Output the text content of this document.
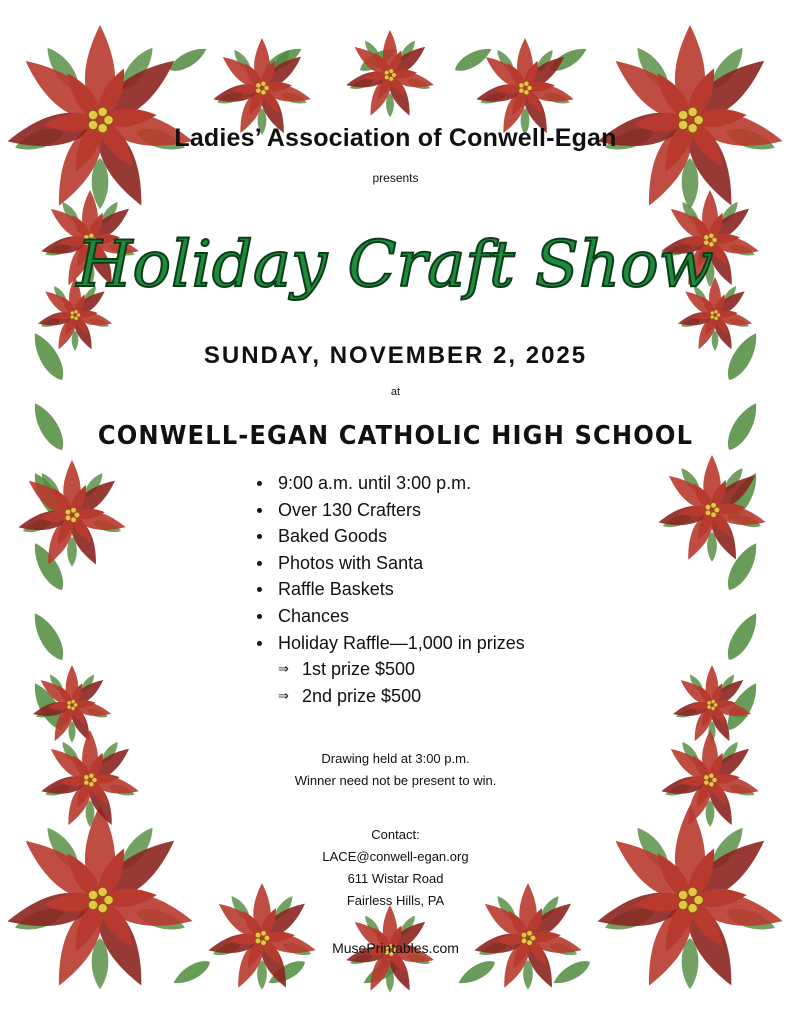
Ladies’ Association of Conwell-Egan
presents
Holiday Craft Show
SUNDAY, NOVEMBER 2, 2025
at
CONWELL-EGAN CATHOLIC HIGH SCHOOL
9:00 a.m. until 3:00 p.m.
Over 130 Crafters
Baked Goods
Photos with Santa
Raffle Baskets
Chances
Holiday Raffle—1,000 in prizes
⇒ 1st prize $500
⇒ 2nd prize $500
Drawing held at 3:00 p.m.
Winner need not be present to win.
Contact:
LACE@conwell-egan.org
611 Wistar Road
Fairless Hills, PA
MusePrintables.com
